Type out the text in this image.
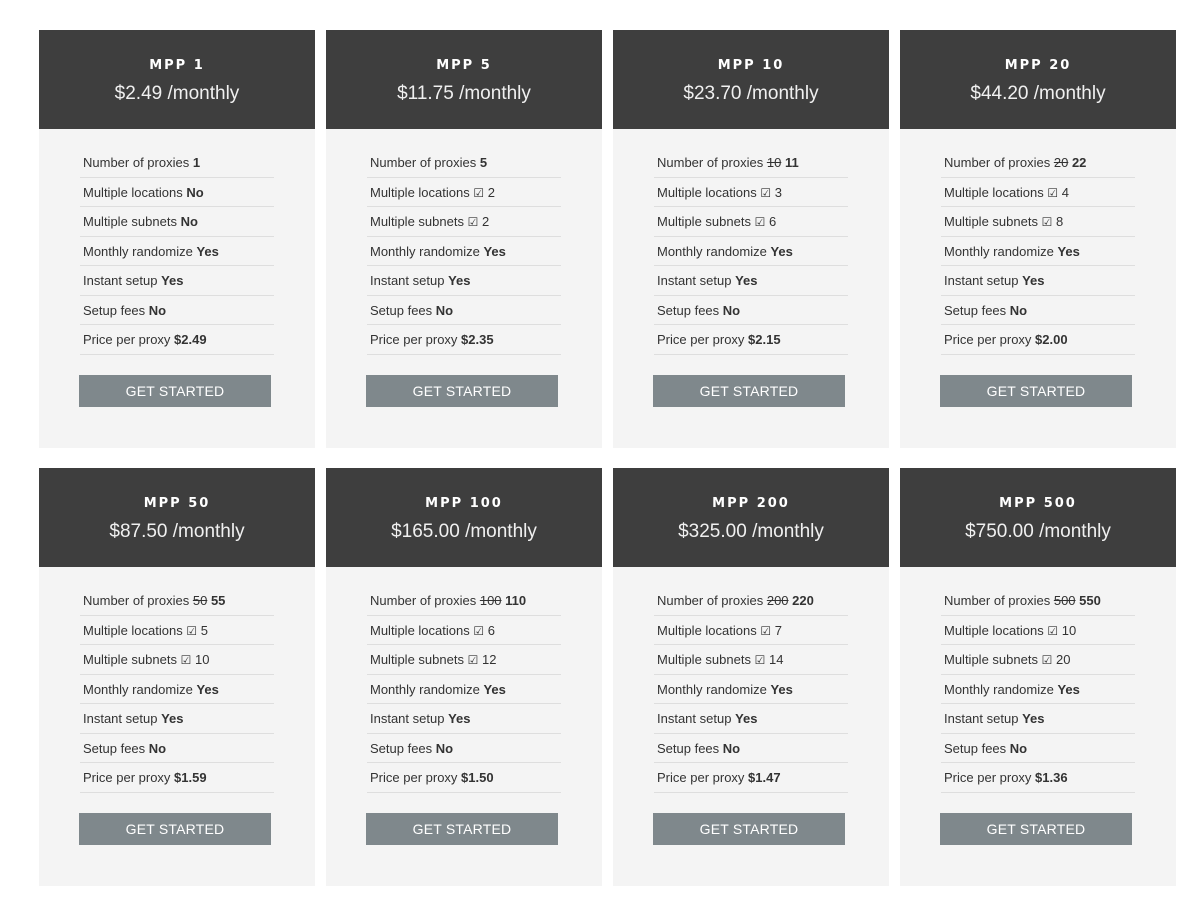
MPP 1
$2.49 /monthly
Number of proxies 1
Multiple locations No
Multiple subnets No
Monthly randomize Yes
Instant setup Yes
Setup fees No
Price per proxy $2.49
GET STARTED
MPP 5
$11.75 /monthly
Number of proxies 5
Multiple locations ☑ 2
Multiple subnets ☑ 2
Monthly randomize Yes
Instant setup Yes
Setup fees No
Price per proxy $2.35
GET STARTED
MPP 10
$23.70 /monthly
Number of proxies 10 11
Multiple locations ☑ 3
Multiple subnets ☑ 6
Monthly randomize Yes
Instant setup Yes
Setup fees No
Price per proxy $2.15
GET STARTED
MPP 20
$44.20 /monthly
Number of proxies 20 22
Multiple locations ☑ 4
Multiple subnets ☑ 8
Monthly randomize Yes
Instant setup Yes
Setup fees No
Price per proxy $2.00
GET STARTED
MPP 50
$87.50 /monthly
Number of proxies 50 55
Multiple locations ☑ 5
Multiple subnets ☑ 10
Monthly randomize Yes
Instant setup Yes
Setup fees No
Price per proxy $1.59
GET STARTED
MPP 100
$165.00 /monthly
Number of proxies 100 110
Multiple locations ☑ 6
Multiple subnets ☑ 12
Monthly randomize Yes
Instant setup Yes
Setup fees No
Price per proxy $1.50
GET STARTED
MPP 200
$325.00 /monthly
Number of proxies 200 220
Multiple locations ☑ 7
Multiple subnets ☑ 14
Monthly randomize Yes
Instant setup Yes
Setup fees No
Price per proxy $1.47
GET STARTED
MPP 500
$750.00 /monthly
Number of proxies 500 550
Multiple locations ☑ 10
Multiple subnets ☑ 20
Monthly randomize Yes
Instant setup Yes
Setup fees No
Price per proxy $1.36
GET STARTED
